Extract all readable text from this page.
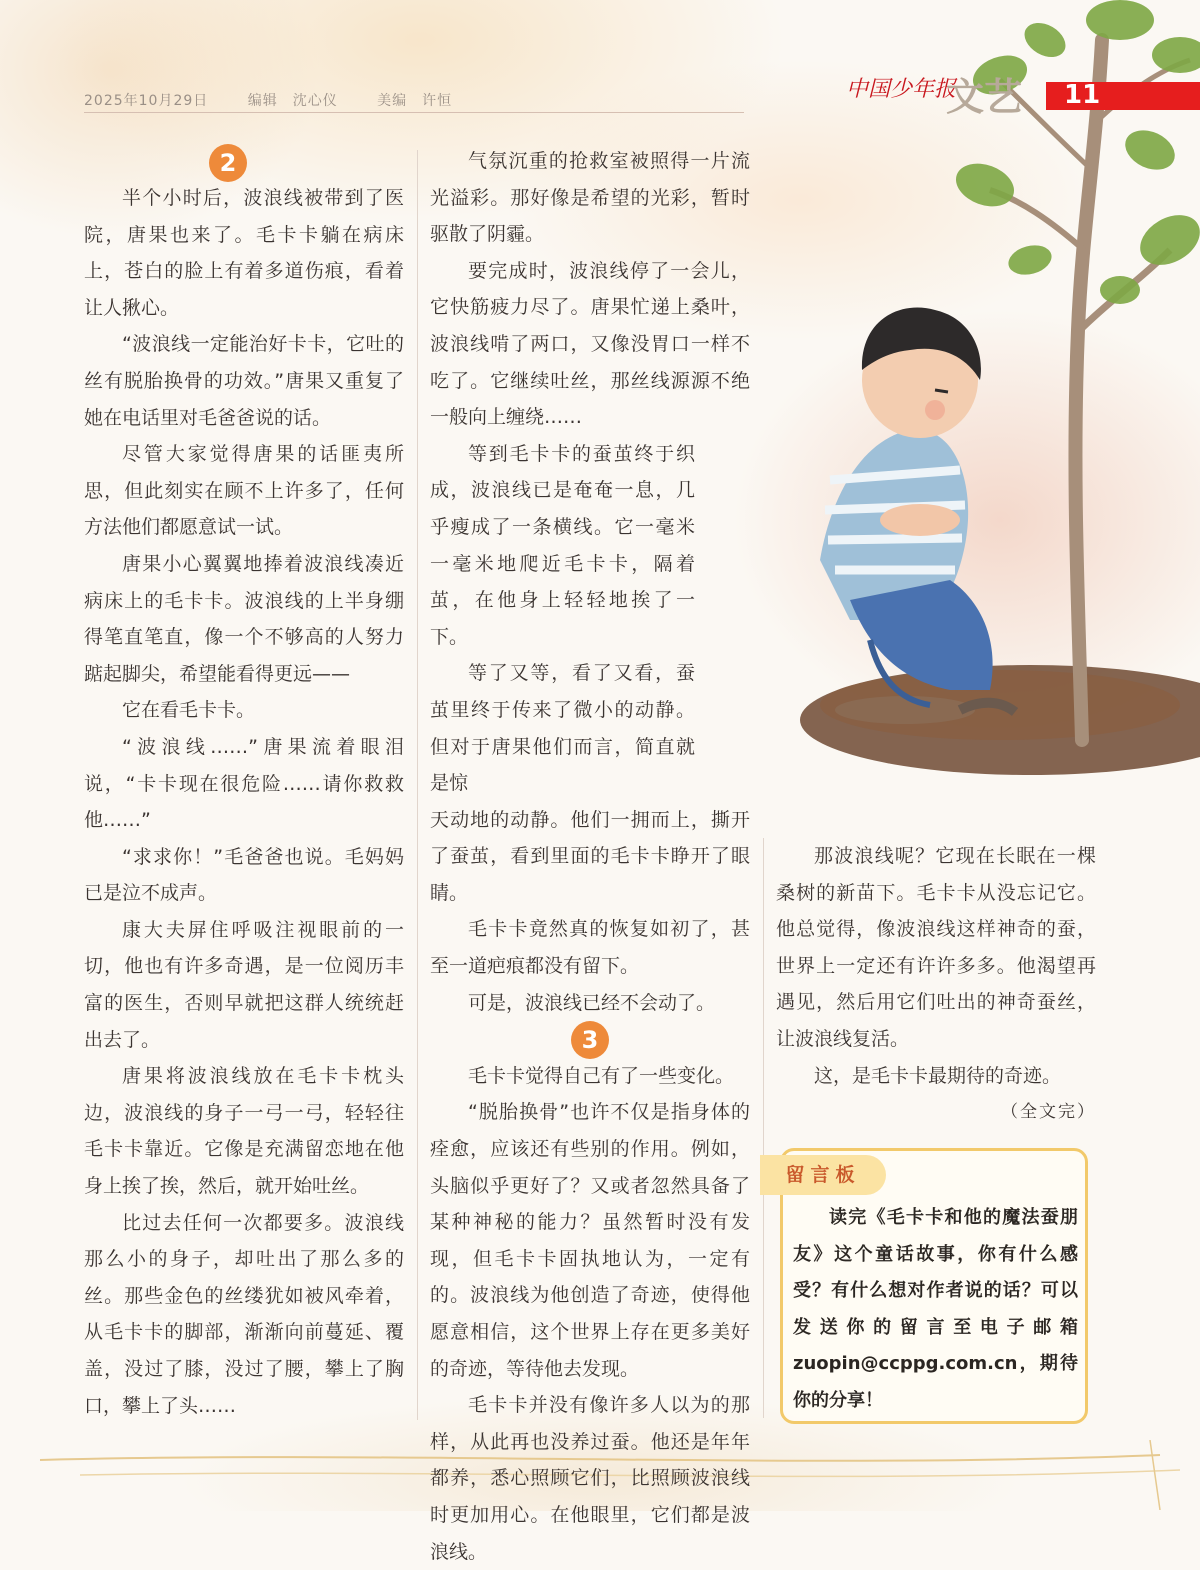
2025年10月29日	编辑　沈心仪	美编　许恒	中国少年报
文艺 11
2

半个小时后，波浪线被带到了医院，唐果也来了。毛卡卡躺在病床上，苍白的脸上有着多道伤痕，看着让人揪心。

“波浪线一定能治好卡卡，它吐的丝有脱胎换骨的功效。”唐果又重复了她在电话里对毛爸爸说的话。

尽管大家觉得唐果的话匪夷所思，但此刻实在顾不上许多了，任何方法他们都愿意试一试。

唐果小心翼翼地捧着波浪线凑近病床上的毛卡卡。波浪线的上半身绷得笔直笔直，像一个不够高的人努力踮起脚尖，希望能看得更远——

它在看毛卡卡。

“波浪线……”唐果流着眼泪说，“卡卡现在很危险……请你救救他……”

“求求你！”毛爸爸也说。毛妈妈已是泣不成声。

康大夫屏住呼吸注视眼前的一切，他也有许多奇遇，是一位阅历丰富的医生，否则早就把这群人统统赶出去了。

唐果将波浪线放在毛卡卡枕头边，波浪线的身子一弓一弓，轻轻往毛卡卡靠近。它像是充满留恋地在他身上挨了挨，然后，就开始吐丝。

比过去任何一次都要多。波浪线那么小的身子，却吐出了那么多的丝。那些金色的丝缕犹如被风牵着，从毛卡卡的脚部，渐渐向前蔓延、覆盖，没过了膝，没过了腰，攀上了胸口，攀上了头……

气氛沉重的抢救室被照得一片流光溢彩。那好像是希望的光彩，暂时驱散了阴霾。

要完成时，波浪线停了一会儿，它快筋疲力尽了。唐果忙递上桑叶，波浪线啃了两口，又像没胃口一样不吃了。它继续吐丝，那丝线源源不绝一般向上缠绕……

等到毛卡卡的蚕茧终于织成，波浪线已是奄奄一息，几乎瘦成了一条横线。它一毫米一毫米地爬近毛卡卡，隔着茧，在他身上轻轻地挨了一下。

等了又等，看了又看，蚕茧里终于传来了微小的动静。但对于唐果他们而言，简直就是惊

天动地的动静。他们一拥而上，撕开了蚕茧，看到里面的毛卡卡睁开了眼睛。

毛卡卡竟然真的恢复如初了，甚至一道疤痕都没有留下。

可是，波浪线已经不会动了。

3

毛卡卡觉得自己有了一些变化。

“脱胎换骨”也许不仅是指身体的痊愈，应该还有些别的作用。例如，头脑似乎更好了？又或者忽然具备了某种神秘的能力？虽然暂时没有发现，但毛卡卡固执地认为，一定有的。波浪线为他创造了奇迹，使得他愿意相信，这个世界上存在更多美好的奇迹，等待他去发现。

毛卡卡并没有像许多人以为的那样，从此再也没养过蚕。他还是年年都养，悉心照顾它们，比照顾波浪线时更加用心。在他眼里，它们都是波浪线。

那波浪线呢？它现在长眠在一棵桑树的新苗下。毛卡卡从没忘记它。他总觉得，像波浪线这样神奇的蚕，世界上一定还有许许多多。他渴望再遇见，然后用它们吐出的神奇蚕丝，让波浪线复活。

这，是毛卡卡最期待的奇迹。

（全文完）

留言板

读完《毛卡卡和他的魔法蚕朋友》这个童话故事，你有什么感受？有什么想对作者说的话？可以发送你的留言至电子邮箱zuopin@ccppg.com.cn，期待你的分享！
